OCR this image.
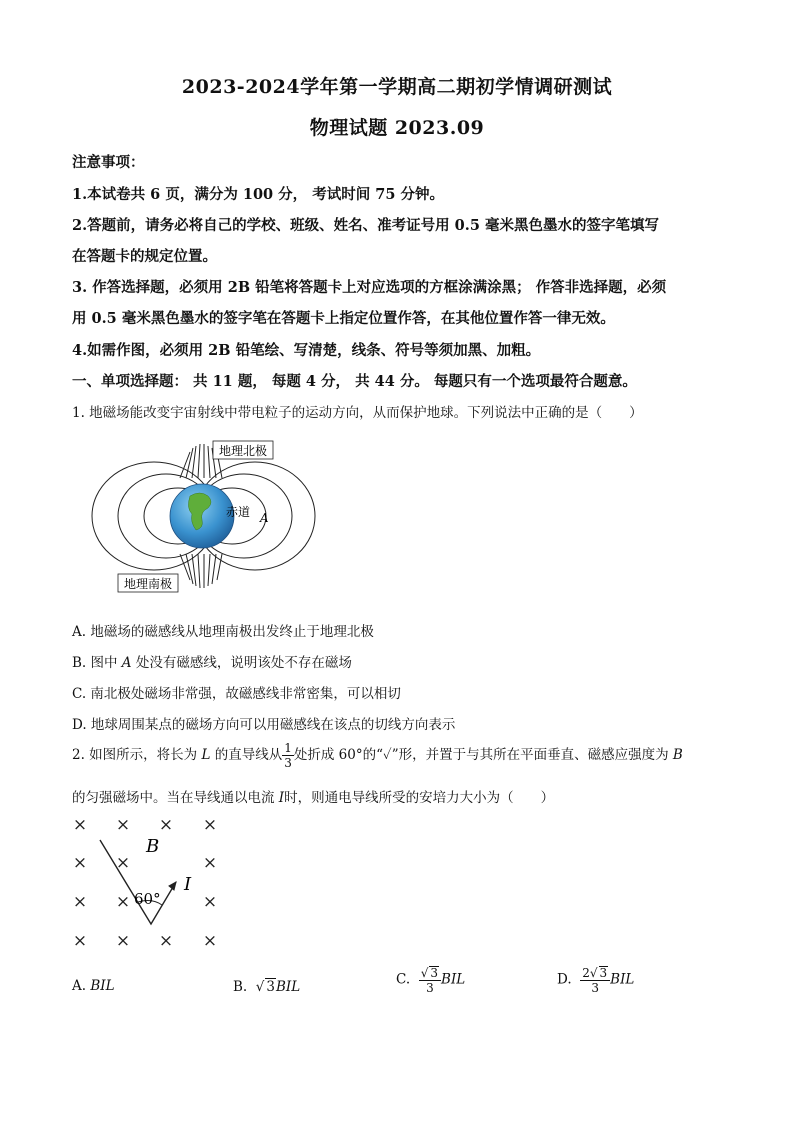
2023-2024学年第一学期高二期初学情调研测试
物理试题 2023.09
注意事项：
1.本试卷共 6 页，满分为 100 分， 考试时间 75 分钟。
2.答题前，请务必将自己的学校、班级、姓名、准考证号用 0.5 毫米黑色墨水的签字笔填写
在答题卡的规定位置。
3. 作答选择题，必须用 2B 铅笔将答题卡上对应选项的方框涂满涂黑； 作答非选择题，必须
用 0.5 毫米黑色墨水的签字笔在答题卡上指定位置作答，在其他位置作答一律无效。
4.如需作图，必须用 2B 铅笔绘、写清楚，线条、符号等须加黑、加粗。
一、单项选择题： 共 11 题， 每题 4 分， 共 44 分。 每题只有一个选项最符合题意。
1. 地磁场能改变宇宙射线中带电粒子的运动方向，从而保护地球。下列说法中正确的是（　　）
地理北极
地理南极
赤道 A
A. 地磁场的磁感线从地理南极出发终止于地理北极
B. 图中 A 处没有磁感线，说明该处不存在磁场
C. 南北极处磁场非常强，故磁感线非常密集，可以相切
D. 地球周围某点的磁场方向可以用磁感线在该点的切线方向表示
2. 如图所示，将长为 L 的直导线从 $\frac{1}{3}$ 处折成 60°的“✓”形，并置于与其所在平面垂直、磁感应强度为 B
的匀强磁场中。当在导线通以电流 I时，则通电导线所受的安培力大小为（　　）
× × × ×
× ×	×
× ×	×
× × × ×
B
I
60°
A. BIL	B.  √ 3BIL	C. $\frac{√ 3}{3}$ BIL	D. $\frac{2√ 3}{3}$ BIL
